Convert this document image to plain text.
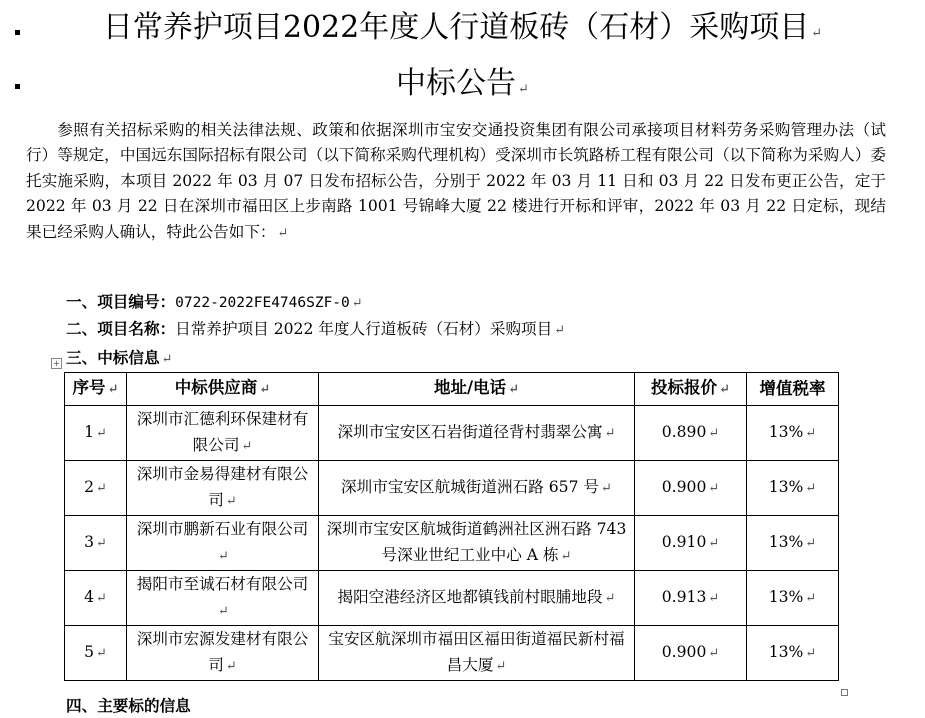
日常养护项目2022年度人行道板砖（石材）采购项目 ↵
中标公告 ↵
参照有关招标采购的相关法律法规、政策和依据深圳市宝安交通投资集团有限公司承接项目材料劳务采购管理办法（试行）等规定，中国远东国际招标有限公司（以下简称采购代理机构）受深圳市长筑路桥工程有限公司（以下简称为采购人）委托实施采购，本项目 2022 年 03 月 07 日发布招标公告，分别于 2022 年 03 月 11 日和 03 月 22 日发布更正公告，定于 2022 年 03 月 22 日在深圳市福田区上步南路 1001 号锦峰大厦 22 楼进行开标和评审，2022 年 03 月 22 日定标，现结果已经采购人确认，特此公告如下： ↵
一、项目编号：0722-2022FE4746SZF-0 ↵
二、项目名称：日常养护项目 2022 年度人行道板砖（石材）采购项目 ↵
+ 三、中标信息 ↵
序号 ↵	中标供应商 ↵	地址/电话 ↵	投标报价 ↵	增值税率
1 ↵	深圳市汇德利环保建材有限公司 ↵	深圳市宝安区石岩街道径背村翡翠公寓 ↵	0.890 ↵	13% ↵
2 ↵	深圳市金易得建材有限公司 ↵	深圳市宝安区航城街道洲石路 657 号 ↵	0.900 ↵	13% ↵
3 ↵	深圳市鹏新石业有限公司↵	深圳市宝安区航城街道鹤洲社区洲石路 743 号深业世纪工业中心 A 栋 ↵	0.910 ↵	13% ↵
4 ↵	揭阳市至诚石材有限公司↵	揭阳空港经济区地都镇钱前村眼脯地段 ↵	0.913 ↵	13% ↵
5 ↵	深圳市宏源发建材有限公司 ↵	宝安区航深圳市福田区福田街道福民新村福昌大厦 ↵	0.900 ↵	13% ↵
四、主要标的信息
